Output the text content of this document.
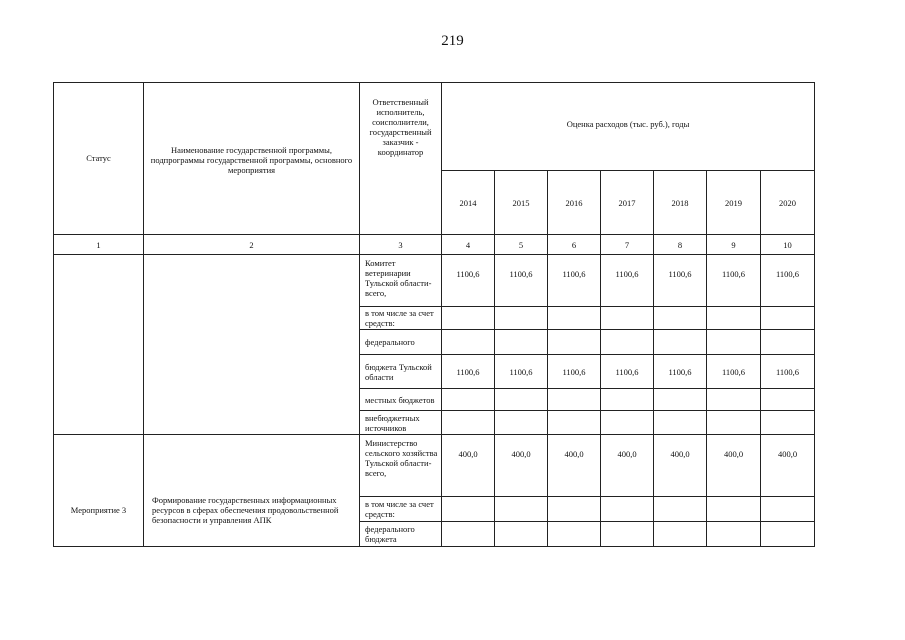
219
Статус	Наименование государственной программы, подпрограммы государственной программы, основного мероприятия	Ответственный исполнитель, соисполнители, государственный заказчик - координатор	Оценка расходов (тыс. руб.), годы						
			2014	2015	2016	2017	2018	2019	2020
1	2	3	4	5	6	7	8	9	10
		Комитет ветеринарии Тульской области- всего,	1100,6	1100,6	1100,6	1100,6	1100,6	1100,6	1100,6
		в том числе за счет средств:							
		федерального							
		бюджета Тульской области	1100,6	1100,6	1100,6	1100,6	1100,6	1100,6	1100,6
		местных бюджетов							
		внебюджетных источников							
Мероприятие 3	Формирование государственных информационных ресурсов в сферах обеспечения продовольственной безопасности и управления АПК	Министерство сельского хозяйства Тульской области- всего,	400,0	400,0	400,0	400,0	400,0	400,0	400,0
		в том числе за счет средств:							
		федерального бюджета							
